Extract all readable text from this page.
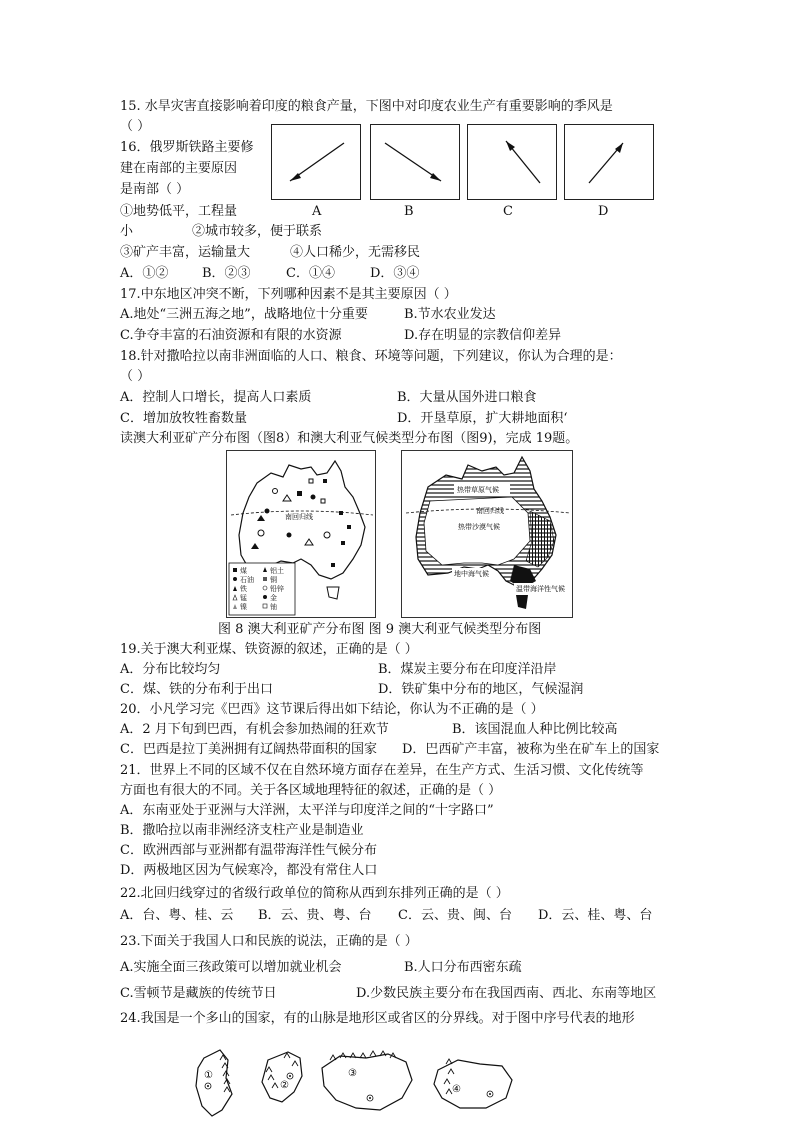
15. 水旱灾害直接影响着印度的粮食产量，下图中对印度农业生产有重要影响的季风是
（ ）
A	B	C	D
16．俄罗斯铁路主要修
建在南部的主要原因
是南部（ ）
①地势低平，工程量
小	②城市较多，便于联系
③矿产丰富，运输量大	④人口稀少，无需移民
A．①②	B．②③	C．①④	D．③④
17.中东地区冲突不断，下列哪种因素不是其主要原因（ ）
A.地处“三洲五海之地”，战略地位十分重要	B.节水农业发达
C.争夺丰富的石油资源和有限的水资源	D.存在明显的宗教信仰差异
18.针对撒哈拉以南非洲面临的人口、粮食、环境等问题，下列建议，你认为合理的是：
（ ）
A．控制人口增长，提高人口素质	B．大量从国外进口粮食
C．增加放牧牲畜数量	D．开垦草原，扩大耕地面积‘
读澳大利亚矿产分布图（图8）和澳大利亚气候类型分布图（图9)，完成 19题。
南回归线
煤
石油
铁
锰
镍
铝土
铜
铅锌
金
铀
热带草原气候
南回归线
热带沙漠气候
地中海气候
温带海洋性气候
图 8 澳大利亚矿产分布图 图 9 澳大利亚气候类型分布图
19.关于澳大利亚煤、铁资源的叙述，正确的是（ ）
A．分布比较均匀	B．煤炭主要分布在印度洋沿岸
C．煤、铁的分布利于出口	D．铁矿集中分布的地区，气候湿润
20．小凡学习完《巴西》这节课后得出如下结论，你认为不正确的是（ ）
A．2 月下旬到巴西，有机会参加热闹的狂欢节	B．该国混血人种比例比较高
C．巴西是拉丁美洲拥有辽阔热带面积的国家 D．巴西矿产丰富，被称为坐在矿车上的国家
21．世界上不同的区域不仅在自然环境方面存在差异，在生产方式、生活习惯、文化传统等
方面也有很大的不同。关于各区域地理特征的叙述，正确的是（ ）
A．东南亚处于亚洲与大洋洲，太平洋与印度洋之间的“十字路口”
B．撒哈拉以南非洲经济支柱产业是制造业
C．欧洲西部与亚洲都有温带海洋性气候分布
D．两极地区因为气候寒冷，都没有常住人口
22.北回归线穿过的省级行政单位的简称从西到东排列正确的是（ ）
A．台、粤、桂、云 B．云、贵、粤、台 C．云、贵、闽、台 D．云、桂、粤、台
23.下面关于我国人口和民族的说法，正确的是（ ）
A.实施全面三孩政策可以增加就业机会	B.人口分布西密东疏
C.雪顿节是藏族的传统节日	D.少数民族主要分布在我国西南、西北、东南等地区
24.我国是一个多山的国家，有的山脉是地形区或省区的分界线。对于图中序号代表的地形
①
②
③
④
